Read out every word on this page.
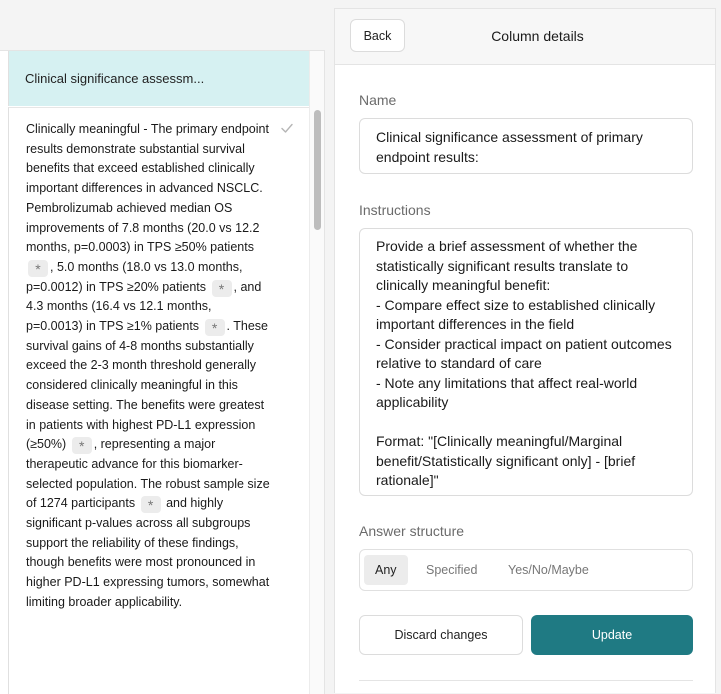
Clinical significance assessm...
Clinically meaningful - The primary endpoint results demonstrate substantial survival benefits that exceed established clinically important differences in advanced NSCLC. Pembrolizumab achieved median OS improvements of 7.8 months (20.0 vs 12.2 months, p=0.0003) in TPS ≥50% patients * , 5.0 months (18.0 vs 13.0 months, p=0.0012) in TPS ≥20% patients * , and 4.3 months (16.4 vs 12.1 months, p=0.0013) in TPS ≥1% patients * . These survival gains of 4-8 months substantially exceed the 2-3 month threshold generally considered clinically meaningful in this disease setting. The benefits were greatest in patients with highest PD-L1 expression (≥50%) * , representing a major therapeutic advance for this biomarker-selected population. The robust sample size of 1274 participants * and highly significant p-values across all subgroups support the reliability of these findings, though benefits were most pronounced in higher PD-L1 expressing tumors, somewhat limiting broader applicability.
Back	Column details
Name
Clinical significance assessment of primary endpoint results:
Instructions
Provide a brief assessment of whether the statistically significant results translate to clinically meaningful benefit:
- Compare effect size to established clinically important differences in the field
- Consider practical impact on patient outcomes relative to standard of care
- Note any limitations that affect real-world applicability

Format: "[Clinically meaningful/Marginal benefit/Statistically significant only] - [brief rationale]"
Answer structure
Any	Specified	Yes/No/Maybe
Discard changes	Update
